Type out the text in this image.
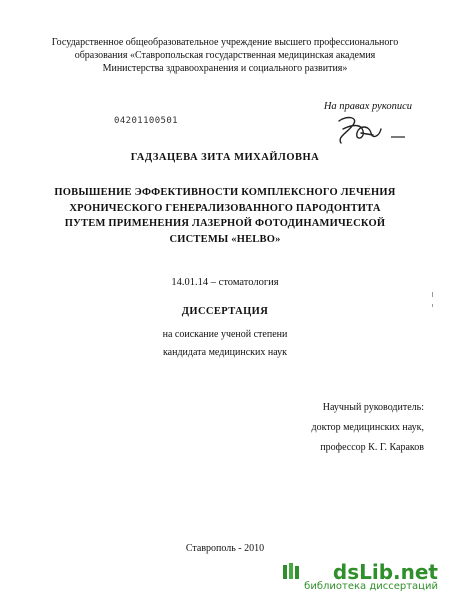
Государственное общеобразовательное учреждение высшего профессионального
образования «Ставропольская государственная медицинская академия
Министерства здравоохранения и социального развития»
На правах рукописи
04201100501
ГАДЗАЦЕВА ЗИТА МИХАЙЛОВНА
ПОВЫШЕНИЕ ЭФФЕКТИВНОСТИ КОМПЛЕКСНОГО ЛЕЧЕНИЯ
ХРОНИЧЕСКОГО ГЕНЕРАЛИЗОВАННОГО ПАРОДОНТИТА
ПУТЕМ ПРИМЕНЕНИЯ ЛАЗЕРНОЙ ФОТОДИНАМИЧЕСКОЙ
СИСТЕМЫ «HELBO»
14.01.14 – стоматология
ДИССЕРТАЦИЯ
на соискание ученой степени
кандидата медицинских наук
Научный руководитель:
доктор медицинских наук,
профессор К. Г. Караков
Ставрополь - 2010
dsLib.net
библиотека диссертаций
